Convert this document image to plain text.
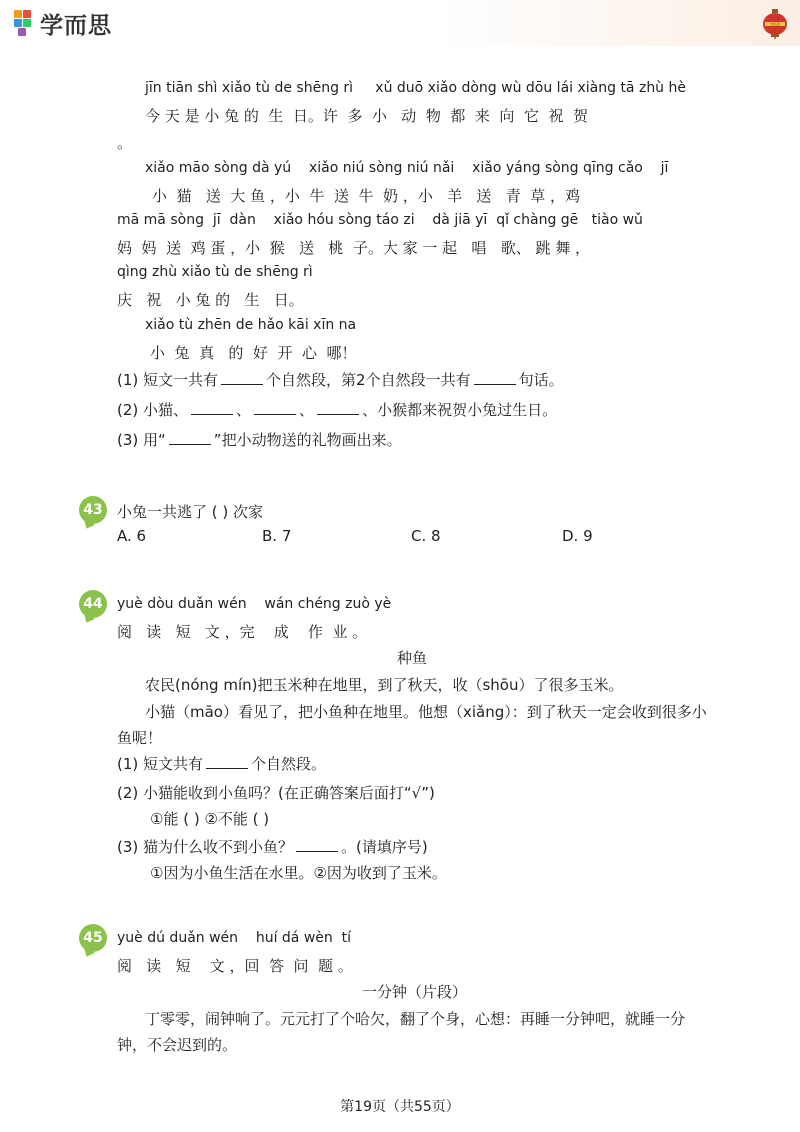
学而思	学而思
jīn tiān shì xiǎo tù de shēng rì     xǔ duō xiǎo dòng wù dōu lái xiàng tā zhù hè
今 天 是 小 兔 的  生  日。许  多  小   动  物  都  来  向  它  祝  贺
。
xiǎo māo sòng dà yú    xiǎo niú sòng niú nǎi    xiǎo yáng sòng qīng cǎo    jī
小  猫   送  大 鱼 ，小  牛  送  牛  奶 ，小   羊   送   青  草 ，鸡
mā mā sòng  jī  dàn    xiǎo hóu sòng táo zi    dà jiā yī  qǐ chàng gē   tiào wǔ
妈  妈  送  鸡 蛋 ，小  猴   送   桃  子。大 家 一 起   唱   歌、 跳 舞 ，
qìng zhù xiǎo tù de shēng rì
庆   祝   小 兔 的   生   日。
xiǎo tù zhēn de hǎo kāi xīn na
小  兔  真   的  好  开  心  哪！
(1) 短文一共有	个自然段，第2个自然段一共有	句话。
(2) 小猫、	、	、	、小猴都来祝贺小兔过生日。
(3) 用“	”把小动物送的礼物画出来。
43 小兔一共逃了 ( ) 次家
A. 6	B. 7	C. 8	D. 9
44	yuè dòu duǎn wén    wán chéng zuò yè
阅   读   短   文 ，完    成    作  业 。
种鱼
农民(nóng mín)把玉米种在地里，到了秋天，收（shōu）了很多玉米。
小猫（māo）看见了，把小鱼种在地里。他想（xiǎng）：到了秋天一定会收到很多小
鱼呢！
(1) 短文共有	个自然段。
(2) 小猫能收到小鱼吗？(在正确答案后面打“√”)
①能 ( ) ②不能 ( )
(3) 猫为什么收不到小鱼？	。(请填序号)
①因为小鱼生活在水里。②因为收到了玉米。
45	yuè dú duǎn wén    huí dá wèn  tí
阅   读   短    文 ，回  答  问  题 。
一分钟（片段）
丁零零，闹钟响了。元元打了个哈欠，翻了个身，心想：再睡一分钟吧，就睡一分
钟，不会迟到的。
第19页（共55页）
